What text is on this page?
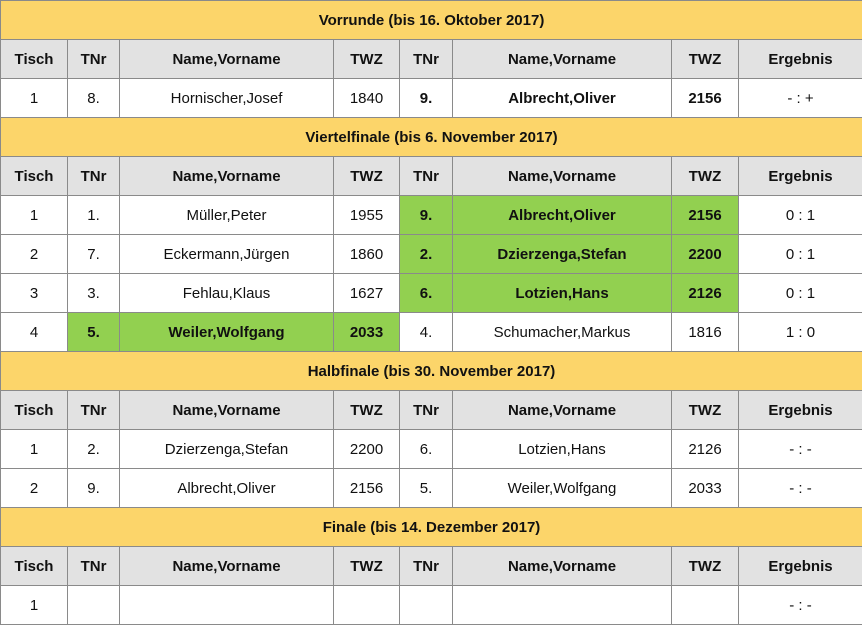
Vorrunde (bis 16. Oktober 2017)							
Tisch	TNr	Name,Vorname	TWZ	TNr	Name,Vorname	TWZ	Ergebnis
1	8.	Hornischer,Josef	1840	9.	Albrecht,Oliver	2156	- : +
Viertelfinale (bis 6. November 2017)							
Tisch	TNr	Name,Vorname	TWZ	TNr	Name,Vorname	TWZ	Ergebnis
1	1.	Müller,Peter	1955	9.	Albrecht,Oliver	2156	0 : 1
2	7.	Eckermann,Jürgen	1860	2.	Dzierzenga,Stefan	2200	0 : 1
3	3.	Fehlau,Klaus	1627	6.	Lotzien,Hans	2126	0 : 1
4	5.	Weiler,Wolfgang	2033	4.	Schumacher,Markus	1816	1 : 0
Halbfinale (bis 30. November 2017)							
Tisch	TNr	Name,Vorname	TWZ	TNr	Name,Vorname	TWZ	Ergebnis
1	2.	Dzierzenga,Stefan	2200	6.	Lotzien,Hans	2126	- : -
2	9.	Albrecht,Oliver	2156	5.	Weiler,Wolfgang	2033	- : -
Finale (bis 14. Dezember 2017)							
Tisch	TNr	Name,Vorname	TWZ	TNr	Name,Vorname	TWZ	Ergebnis
1							- : -
